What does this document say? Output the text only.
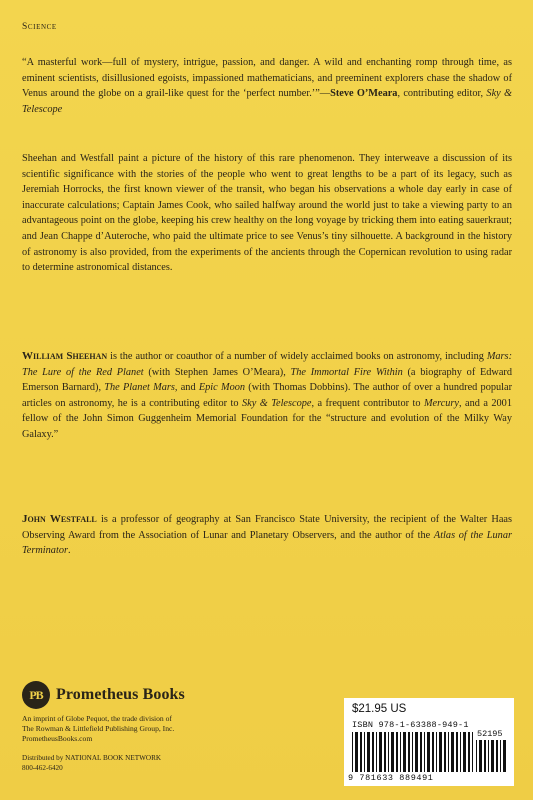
Science
“A masterful work—full of mystery, intrigue, passion, and danger. A wild and enchanting romp through time, as eminent scientists, disillusioned egoists, impassioned mathematicians, and preeminent explorers chase the shadow of Venus around the globe on a grail-like quest for the ‘perfect number.’”—Steve O’Meara, contributing editor, Sky & Telescope
Sheehan and Westfall paint a picture of the history of this rare phenomenon. They interweave a discussion of its scientific significance with the stories of the people who went to great lengths to be a part of its legacy, such as Jeremiah Horrocks, the first known viewer of the transit, who began his observations a whole day early in case of inaccurate calculations; Captain James Cook, who sailed halfway around the world just to take a viewing party to an advantageous point on the globe, keeping his crew healthy on the long voyage by tricking them into eating sauerkraut; and Jean Chappe d’Auteroche, who paid the ultimate price to see Venus’s tiny silhouette. A background in the history of astronomy is also provided, from the experiments of the ancients through the Copernican revolution to using radar to determine astronomical distances.
William Sheehan is the author or coauthor of a number of widely acclaimed books on astronomy, including Mars: The Lure of the Red Planet (with Stephen James O’Meara), The Immortal Fire Within (a biography of Edward Emerson Barnard), The Planet Mars, and Epic Moon (with Thomas Dobbins). The author of over a hundred popular articles on astronomy, he is a contributing editor to Sky & Telescope, a frequent contributor to Mercury, and a 2001 fellow of the John Simon Guggenheim Memorial Foundation for the “structure and evolution of the Milky Way Galaxy.”
John Westfall is a professor of geography at San Francisco State University, the recipient of the Walter Haas Observing Award from the Association of Lunar and Planetary Observers, and the author of the Atlas of the Lunar Terminator.
PB Prometheus Books
An imprint of Globe Pequot, the trade division of
The Rowman & Littlefield Publishing Group, Inc.
PrometheusBooks.com
Distributed by NATIONAL BOOK NETWORK
800-462-6420
$21.95 US
ISBN 978-1-63388-949-1
52195
9 781633 889491
